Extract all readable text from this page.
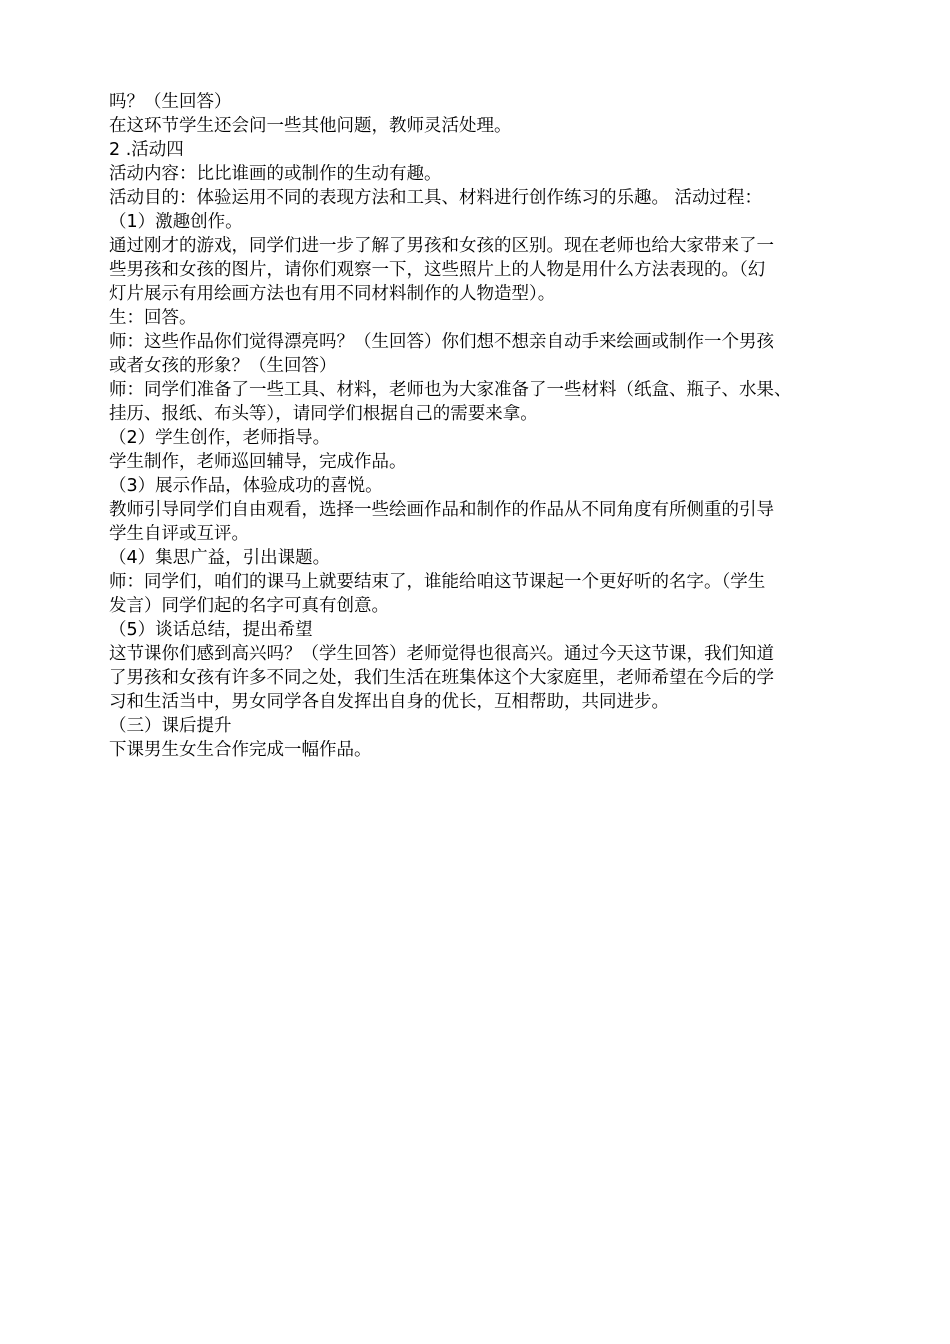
吗？（生回答）
在这环节学生还会问一些其他问题，教师灵活处理。
2 .活动四
活动内容：比比谁画的或制作的生动有趣。
活动目的：体验运用不同的表现方法和工具、材料进行创作练习的乐趣。 活动过程：
（1）激趣创作。
通过刚才的游戏，同学们进一步了解了男孩和女孩的区别。现在老师也给大家带来了一
些男孩和女孩的图片，请你们观察一下，这些照片上的人物是用什么方法表现的。（幻
灯片展示有用绘画方法也有用不同材料制作的人物造型）。
生：回答。
师：这些作品你们觉得漂亮吗？（生回答）你们想不想亲自动手来绘画或制作一个男孩
或者女孩的形象？（生回答）
师：同学们准备了一些工具、材料，老师也为大家准备了一些材料（纸盒、瓶子、水果、
挂历、报纸、布头等），请同学们根据自己的需要来拿。
（2）学生创作，老师指导。
学生制作，老师巡回辅导，完成作品。
（3）展示作品，体验成功的喜悦。
教师引导同学们自由观看，选择一些绘画作品和制作的作品从不同角度有所侧重的引导
学生自评或互评。
（4）集思广益，引出课题。
师：同学们，咱们的课马上就要结束了，谁能给咱这节课起一个更好听的名字。（学生
发言）同学们起的名字可真有创意。
（5）谈话总结，提出希望
这节课你们感到高兴吗？（学生回答）老师觉得也很高兴。通过今天这节课，我们知道
了男孩和女孩有许多不同之处，我们生活在班集体这个大家庭里，老师希望在今后的学
习和生活当中，男女同学各自发挥出自身的优长，互相帮助，共同进步。
（三）课后提升
下课男生女生合作完成一幅作品。
